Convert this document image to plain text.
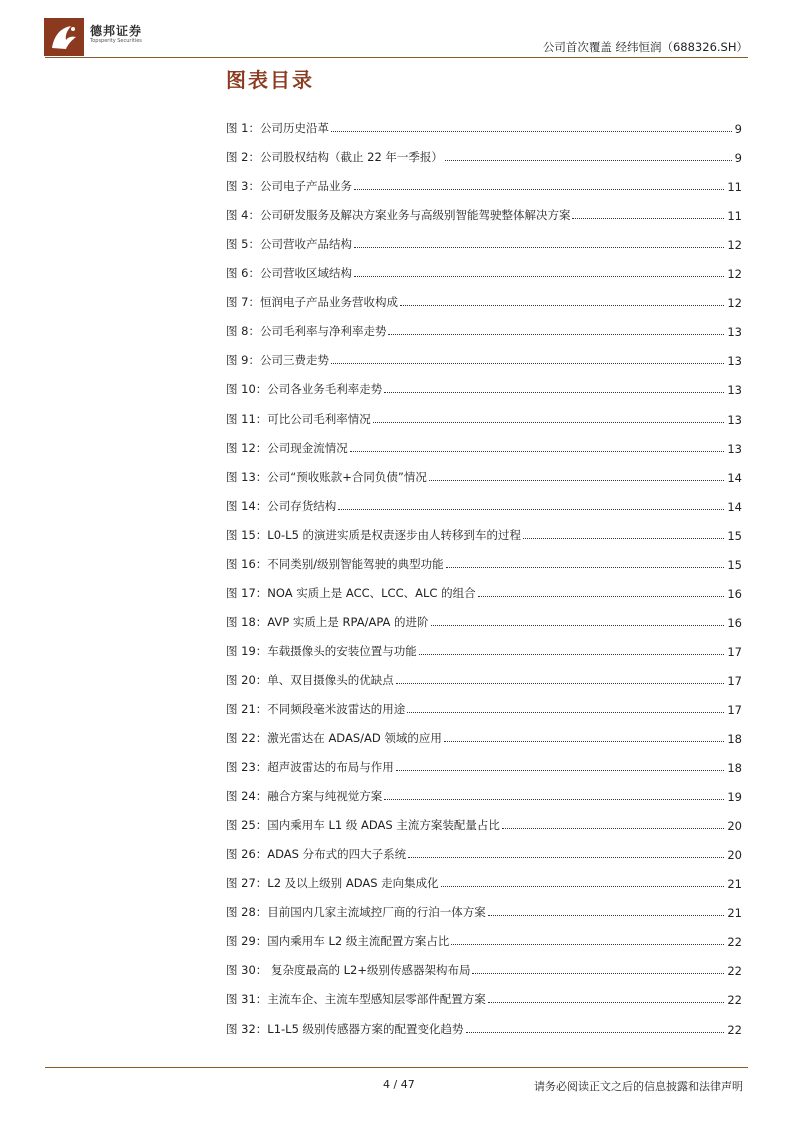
德邦证券
Topsperity Securities	公司首次覆盖 经纬恒润（688326.SH）
图表目录
图 1：公司历史沿革	9
图 2：公司股权结构（截止 22 年一季报）	9
图 3：公司电子产品业务	11
图 4：公司研发服务及解决方案业务与高级别智能驾驶整体解决方案	11
图 5：公司营收产品结构	12
图 6：公司营收区域结构	12
图 7：恒润电子产品业务营收构成	12
图 8：公司毛利率与净利率走势	13
图 9：公司三费走势	13
图 10：公司各业务毛利率走势	13
图 11：可比公司毛利率情况	13
图 12：公司现金流情况	13
图 13：公司“预收账款+合同负债”情况	14
图 14：公司存货结构	14
图 15：L0-L5 的演进实质是权责逐步由人转移到车的过程	15
图 16：不同类别/级别智能驾驶的典型功能	15
图 17：NOA 实质上是 ACC、LCC、ALC 的组合	16
图 18：AVP 实质上是 RPA/APA 的进阶	16
图 19：车载摄像头的安装位置与功能	17
图 20：单、双目摄像头的优缺点	17
图 21：不同频段毫米波雷达的用途	17
图 22：激光雷达在 ADAS/AD 领域的应用	18
图 23：超声波雷达的布局与作用	18
图 24：融合方案与纯视觉方案	19
图 25：国内乘用车 L1 级 ADAS 主流方案装配量占比	20
图 26：ADAS 分布式的四大子系统	20
图 27：L2 及以上级别 ADAS 走向集成化	21
图 28：目前国内几家主流域控厂商的行泊一体方案	21
图 29：国内乘用车 L2 级主流配置方案占比	22
图 30： 复杂度最高的 L2+级别传感器架构布局	22
图 31：主流车企、主流车型感知层零部件配置方案	22
图 32：L1-L5 级别传感器方案的配置变化趋势	22
4 / 47	请务必阅读正文之后的信息披露和法律声明
